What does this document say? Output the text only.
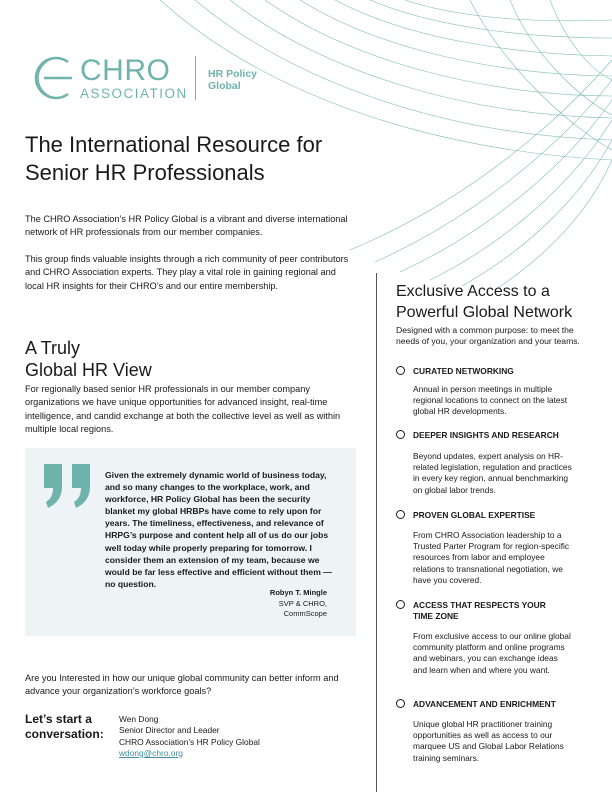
CHRO
ASSOCIATION
HR Policy
Global
The International Resource for
Senior HR Professionals

The CHRO Association’s HR Policy Global is a vibrant and diverse international network of HR professionals from our member companies.

This group finds valuable insights through a rich community of peer contributors and CHRO Association experts. They play a vital role in gaining regional and local HR insights for their CHRO’s and our entire membership.

A Truly
Global HR View

For regionally based senior HR professionals in our member company organizations we have unique opportunities for advanced insight, real-time intelligence, and candid exchange at both the collective level as well as within multiple local regions.

Given the extremely dynamic world of business today, and so many changes to the workplace, work, and workforce, HR Policy Global has been the security blanket my global HRBPs have come to rely upon for years. The timeliness, effectiveness, and relevance of HRPG’s purpose and content help all of us do our jobs well today while properly preparing for tomorrow. I consider them an extension of my team, because we would be far less effective and efficient without them — no question.

Robyn T. Mingle
SVP & CHRO,
CommScope

Are you Interested in how our unique global community can better inform and advance your organization’s workforce goals?

Let’s start a
conversation:
Wen Dong
Senior Director and Leader
CHRO Association’s HR Policy Global
wdong@chro.org
Exclusive Access to a
Powerful Global Network

Designed with a common purpose: to meet the needs of you, your organization and your teams.

CURATED NETWORKING

Annual in person meetings in multiple regional locations to connect on the latest global HR developments.

DEEPER INSIGHTS AND RESEARCH

Beyond updates, expert analysis on HR-related legislation, regulation and practices in every key region, annual benchmarking on global labor trends.

PROVEN GLOBAL EXPERTISE

From CHRO Association leadership to a Trusted Parter Program for region-specific resources from labor and employee relations to transnational negotiation, we have you covered.

ACCESS THAT RESPECTS YOUR TIME ZONE

From exclusive access to our online global community platform and online programs and webinars, you can exchange ideas and learn when and where you want.

ADVANCEMENT AND ENRICHMENT

Unique global HR practitioner training opportunities as well as access to our marquee US and Global Labor Relations training seminars.
